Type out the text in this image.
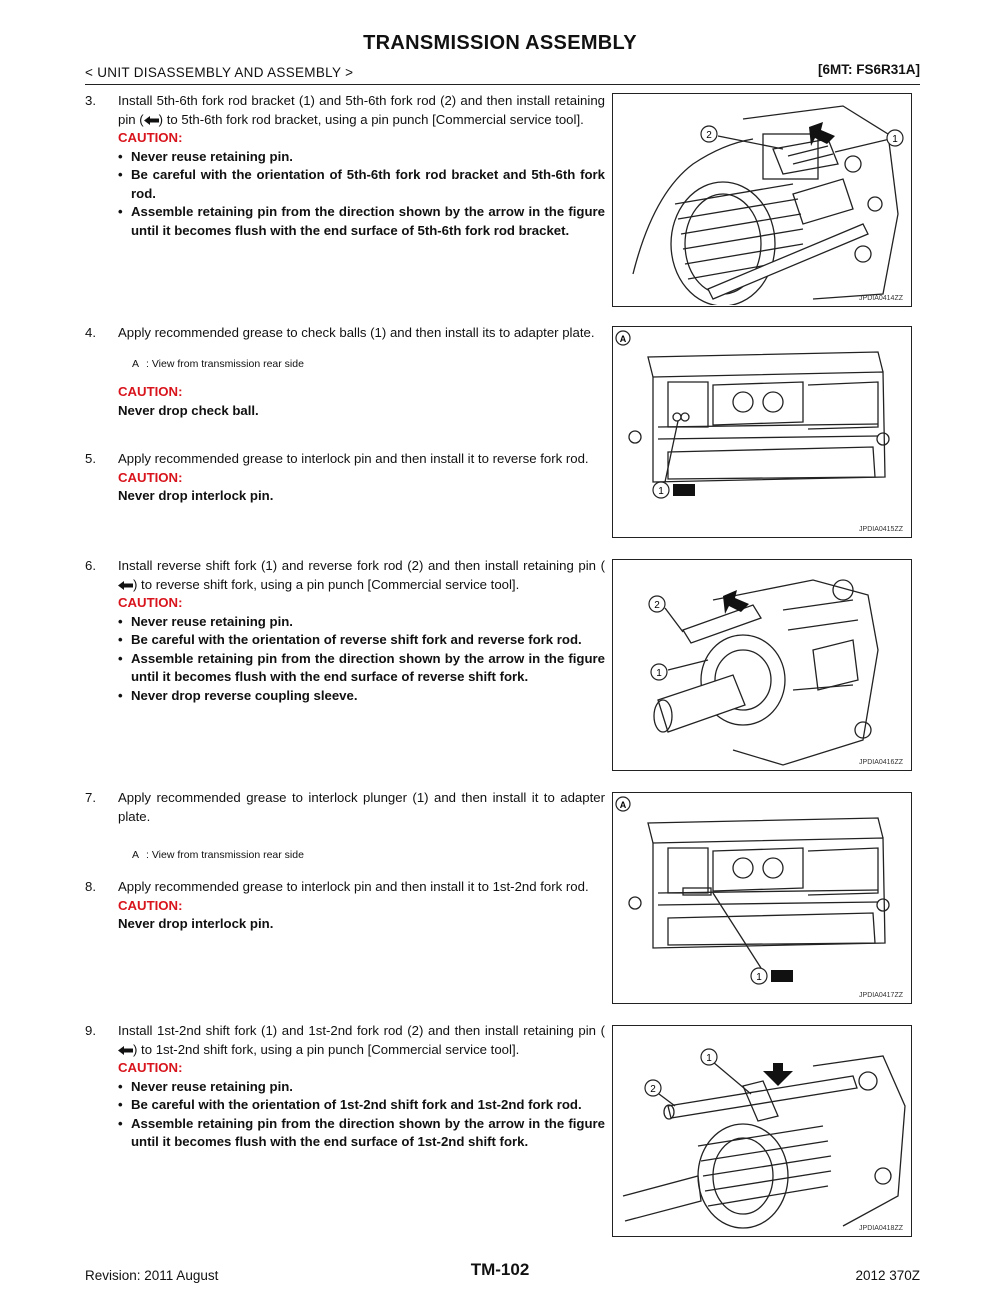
TRANSMISSION ASSEMBLY
< UNIT DISASSEMBLY AND ASSEMBLY >	[6MT: FS6R31A]
3.	Install 5th-6th fork rod bracket (1) and 5th-6th fork rod (2) and then install retaining pin ( ) to 5th-6th fork rod bracket, using a pin punch [Commercial service tool].
CAUTION:
• Never reuse retaining pin.
• Be careful with the orientation of 5th-6th fork rod bracket and 5th-6th fork rod.
• Assemble retaining pin from the direction shown by the arrow in the figure until it becomes flush with the end surface of 5th-6th fork rod bracket.
4.	Apply recommended grease to check balls (1) and then install its to adapter plate.
A : View from transmission rear side
CAUTION:
Never drop check ball.
5.	Apply recommended grease to interlock pin and then install it to reverse fork rod.
CAUTION:
Never drop interlock pin.
6.	Install reverse shift fork (1) and reverse fork rod (2) and then install retaining pin () to reverse shift fork, using a pin punch [Commercial service tool].
CAUTION:
• Never reuse retaining pin.
• Be careful with the orientation of reverse shift fork and reverse fork rod.
• Assemble retaining pin from the direction shown by the arrow in the figure until it becomes flush with the end surface of reverse shift fork.
• Never drop reverse coupling sleeve.
7.	Apply recommended grease to interlock plunger (1) and then install it to adapter plate.
A : View from transmission rear side
8.	Apply recommended grease to interlock pin and then install it to 1st-2nd fork rod.
CAUTION:
Never drop interlock pin.
9.	Install 1st-2nd shift fork (1) and 1st-2nd fork rod (2) and then install retaining pin () to 1st-2nd shift fork, using a pin punch [Commercial service tool].
CAUTION:
• Never reuse retaining pin.
• Be careful with the orientation of 1st-2nd shift fork and 1st-2nd fork rod.
• Assemble retaining pin from the direction shown by the arrow in the figure until it becomes flush with the end surface of 1st-2nd shift fork.
2	1
JPDIA0414ZZ
A
1
JPDIA0415ZZ
2
1
JPDIA0416ZZ
A
1
JPDIA0417ZZ
1
2
JPDIA0418ZZ
Revision: 2011 August	TM-102	2012 370Z
